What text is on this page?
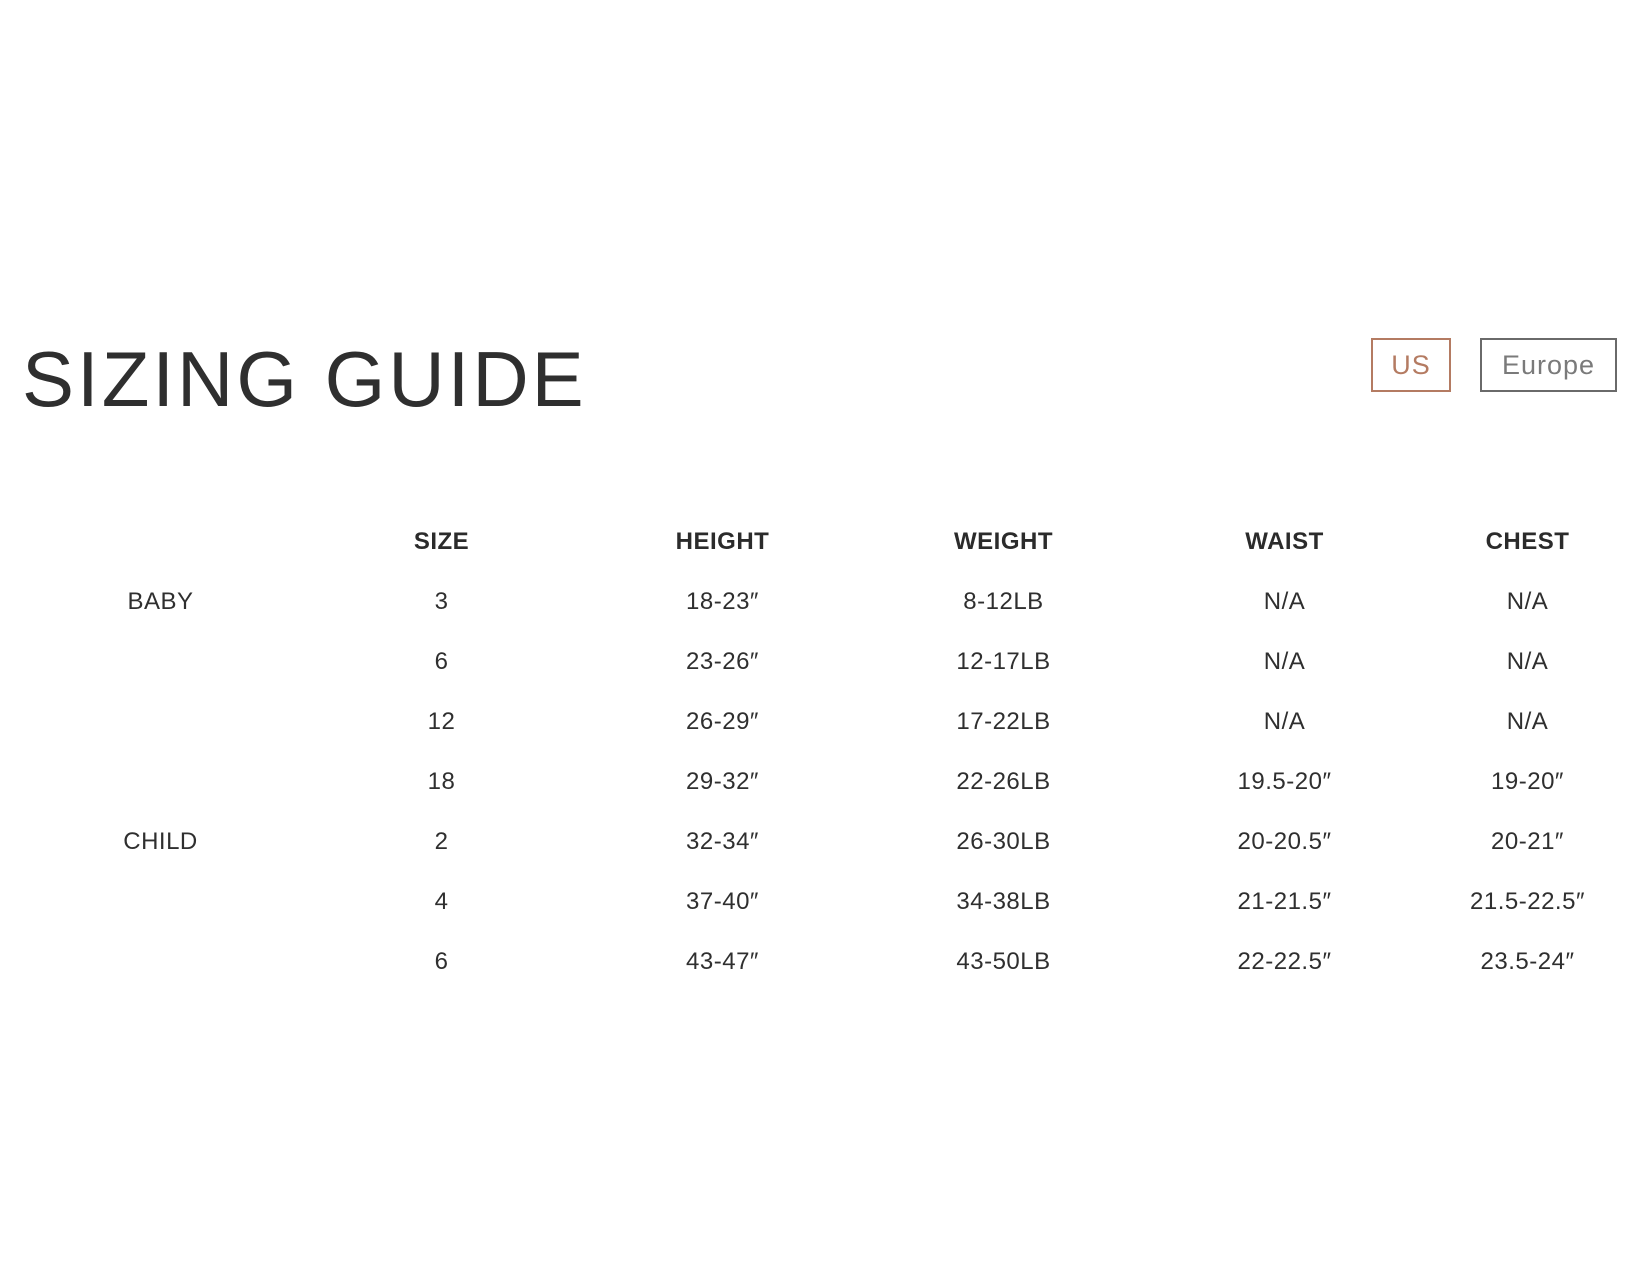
SIZING GUIDE	US	Europe
	SIZE	HEIGHT	WEIGHT	WAIST	CHEST
BABY	3	18-23″	8-12LB	N/A	N/A
	6	23-26″	12-17LB	N/A	N/A
	12	26-29″	17-22LB	N/A	N/A
	18	29-32″	22-26LB	19.5-20″	19-20″
CHILD	2	32-34″	26-30LB	20-20.5″	20-21″
	4	37-40″	34-38LB	21-21.5″	21.5-22.5″
	6	43-47″	43-50LB	22-22.5″	23.5-24″
